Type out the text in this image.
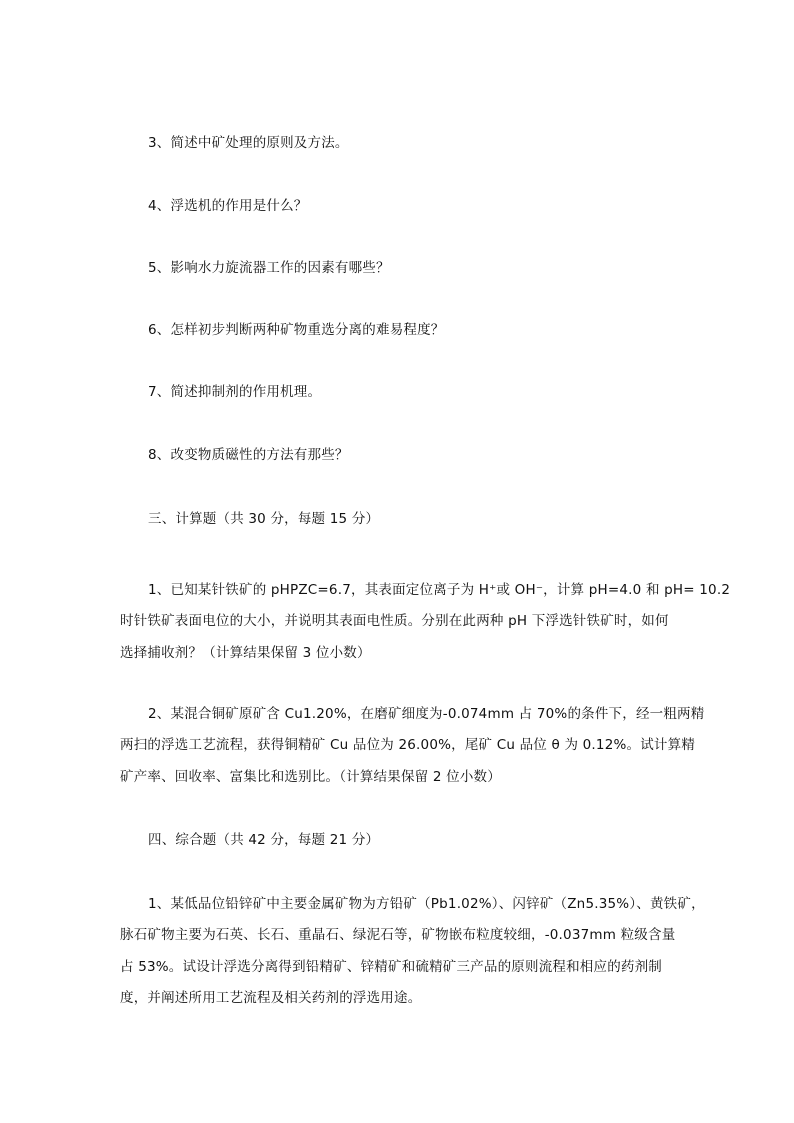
3、简述中矿处理的原则及方法。
4、浮选机的作用是什么？
5、影响水力旋流器工作的因素有哪些？
6、怎样初步判断两种矿物重选分离的难易程度？
7、简述抑制剂的作用机理。
8、改变物质磁性的方法有那些？
三、计算题（共 30 分，每题 15 分）
1、已知某针铁矿的 pHPZC=6.7，其表面定位离子为 H⁺或 OH⁻，计算 pH=4.0 和 pH= 10.2
时针铁矿表面电位的大小，并说明其表面电性质。分别在此两种 pH 下浮选针铁矿时，如何
选择捕收剂？（计算结果保留 3 位小数）
2、某混合铜矿原矿含 Cu1.20%，在磨矿细度为-0.074mm 占 70%的条件下，经一粗两精
两扫的浮选工艺流程，获得铜精矿 Cu 品位为 26.00%，尾矿 Cu 品位 θ 为 0.12%。试计算精
矿产率、回收率、富集比和选别比。（计算结果保留 2 位小数）
四、综合题（共 42 分，每题 21 分）
1、某低品位铅锌矿中主要金属矿物为方铅矿（Pb1.02%）、闪锌矿（Zn5.35%）、黄铁矿，
脉石矿物主要为石英、长石、重晶石、绿泥石等，矿物嵌布粒度较细，-0.037mm 粒级含量
占 53%。试设计浮选分离得到铅精矿、锌精矿和硫精矿三产品的原则流程和相应的药剂制
度，并阐述所用工艺流程及相关药剂的浮选用途。
